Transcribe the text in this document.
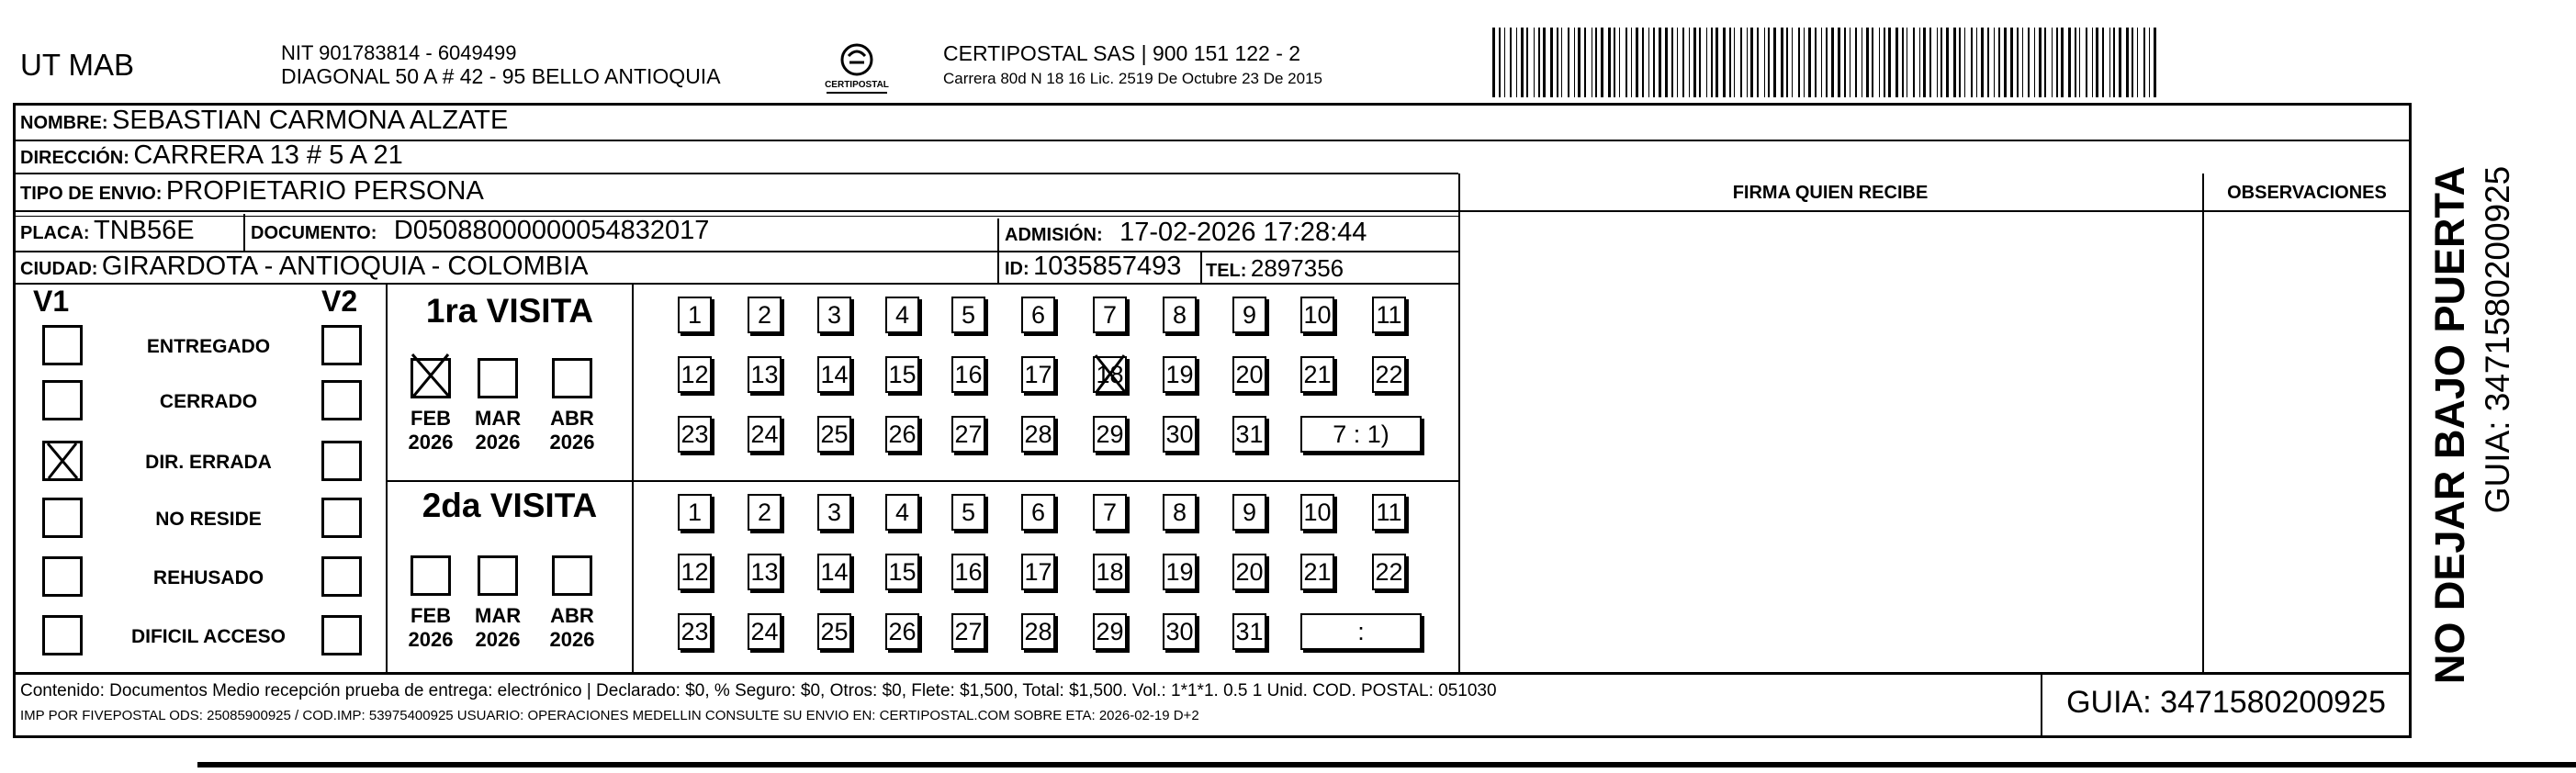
UT MAB	NIT 901783814 - 6049499
DIAGONAL 50 A # 42 - 95 BELLO ANTIOQUIA	CERTIPOSTAL
CERTIPOSTAL SAS | 900 151 122 - 2
Carrera 80d N 18 16 Lic. 2519 De Octubre 23 De 2015
NOMBRE: SEBASTIAN CARMONA ALZATE
DIRECCIÓN: CARRERA 13 # 5 A 21
TIPO DE ENVIO: PROPIETARIO PERSONA	FIRMA QUIEN RECIBE	OBSERVACIONES
PLACA: TNB56E	DOCUMENTO: D05088000000054832017	ADMISIÓN: 17-02-2026 17:28:44
CIUDAD: GIRARDOTA - ANTIOQUIA - COLOMBIA	ID: 1035857493 TEL: 2897356
V1	V2	1ra VISITA
2da VISITA
Contenido: Documentos Medio recepción prueba de entrega: electrónico | Declarado: $0, % Seguro: $0, Otros: $0, Flete: $1,500, Total: $1,500. Vol.: 1*1*1. 0.5 1 Unid. COD. POSTAL: 051030
IMP POR FIVEPOSTAL ODS: 25085900925 / COD.IMP: 53975400925 USUARIO: OPERACIONES MEDELLIN CONSULTE SU ENVIO EN: CERTIPOSTAL.COM SOBRE ETA: 2026-02-19 D+2	GUIA: 3471580200925
NO DEJAR BAJO PUERTA GUIA: 3471580200925
ENTREGADO
CERRADO
DIR. ERRADA
NO RESIDE
REHUSADO
DIFICIL ACCESO
FEB
2026
MAR
2026
ABR
2026
1	2	3	4	5	6	7	8	9	10 11
12 13 14 15 16 17 18 19 20 21 22
23 24 25 26 27 28 29 30 31	7 : 1)
FEB
2026
MAR
2026
ABR
2026
1	2	3	4	5	6	7	8	9	10 11
12 13 14 15 16 17 18 19 20 21 22
23 24 25 26 27 28 29 30 31	:
